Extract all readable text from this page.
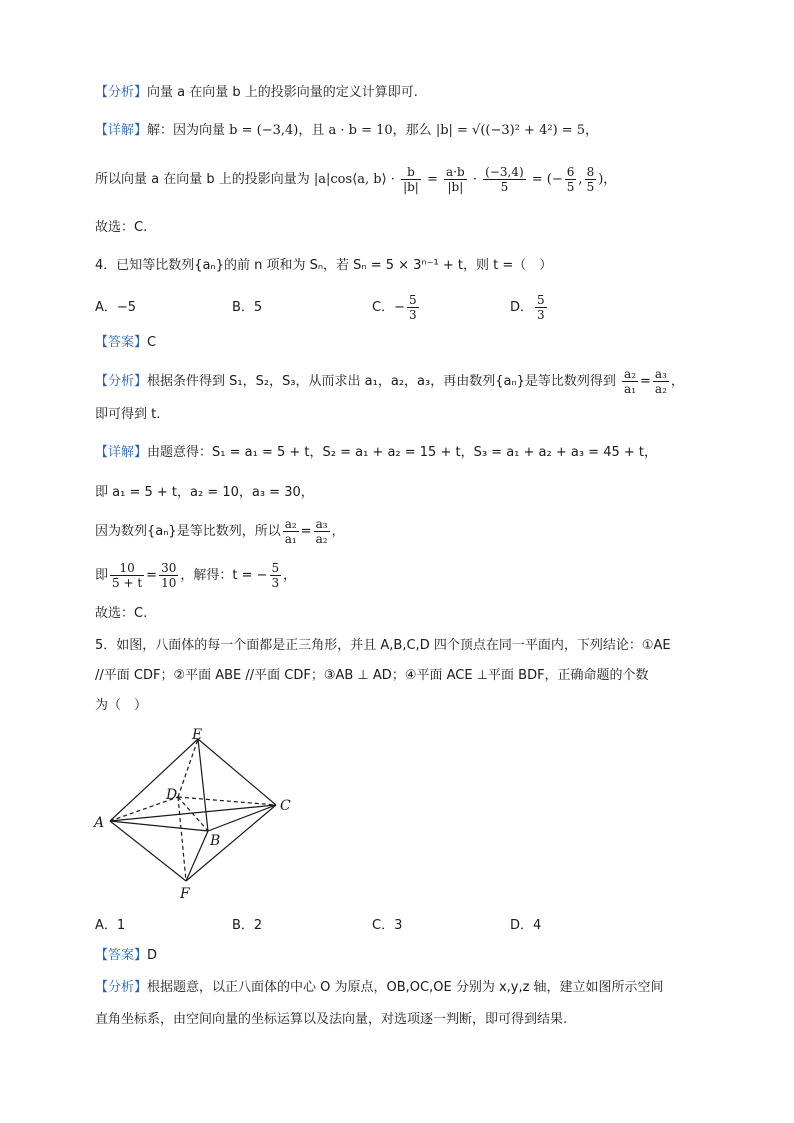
【分析】向量 a 在向量 b 上的投影向量的定义计算即可.
【详解】解：因为向量 b = (−3,4)，且 a · b = 10，那么 |b| = √((−3)² + 4²) = 5，
所以向量 a 在向量 b 上的投影向量为 |a|cos⟨a, b⟩ · $\frac{b}{|b|} = \frac{a\cdot b}{|b|} \cdot \frac{(-3,4)}{5}$ = (− $\frac{6}{5}$ , $\frac{8}{5}$ )，
故选：C.
4．已知等比数列{aₙ}的前 n 项和为 Sₙ，若 Sₙ = 5 × 3ⁿ⁻¹ + t，则 t =（　）
A．−5	B．5	C．− $\frac{5}{3}$	D． $\frac{5}{3}$
【答案】C
【分析】根据条件得到 S₁，S₂，S₃，从而求出 a₁，a₂，a₃，再由数列{aₙ}是等比数列得到 $\frac{\text{a₂}}{\text{a₁}} = \frac{\text{a₃}}{\text{a₂}}$ ，
即可得到 t.
【详解】由题意得：S₁ = a₁ = 5 + t，S₂ = a₁ + a₂ = 15 + t，S₃ = a₁ + a₂ + a₃ = 45 + t，
即 a₁ = 5 + t，a₂ = 10，a₃ = 30，
因为数列{aₙ}是等比数列，所以 $\frac{\text{a₂}}{\text{a₁}} = \frac{\text{a₃}}{\text{a₂}}$ ，
即 $\frac{10}{5 + t} = \frac{30}{10}$ ，解得：t = − $\frac{5}{3}$ ，
故选：C.
5．如图，八面体的每一个面都是正三角形，并且 A,B,C,D 四个顶点在同一平面内，下列结论：①AE
//平面 CDF；②平面 ABE //平面 CDF；③AB ⊥ AD；④平面 ACE ⊥平面 BDF，正确命题的个数
为（　）
A
B
C
D
E
F
A．1	B．2	C．3	D．4
【答案】D
【分析】根据题意，以正八面体的中心 O 为原点，OB,OC,OE 分别为 x,y,z 轴，建立如图所示空间
直角坐标系，由空间向量的坐标运算以及法向量，对选项逐一判断，即可得到结果.
